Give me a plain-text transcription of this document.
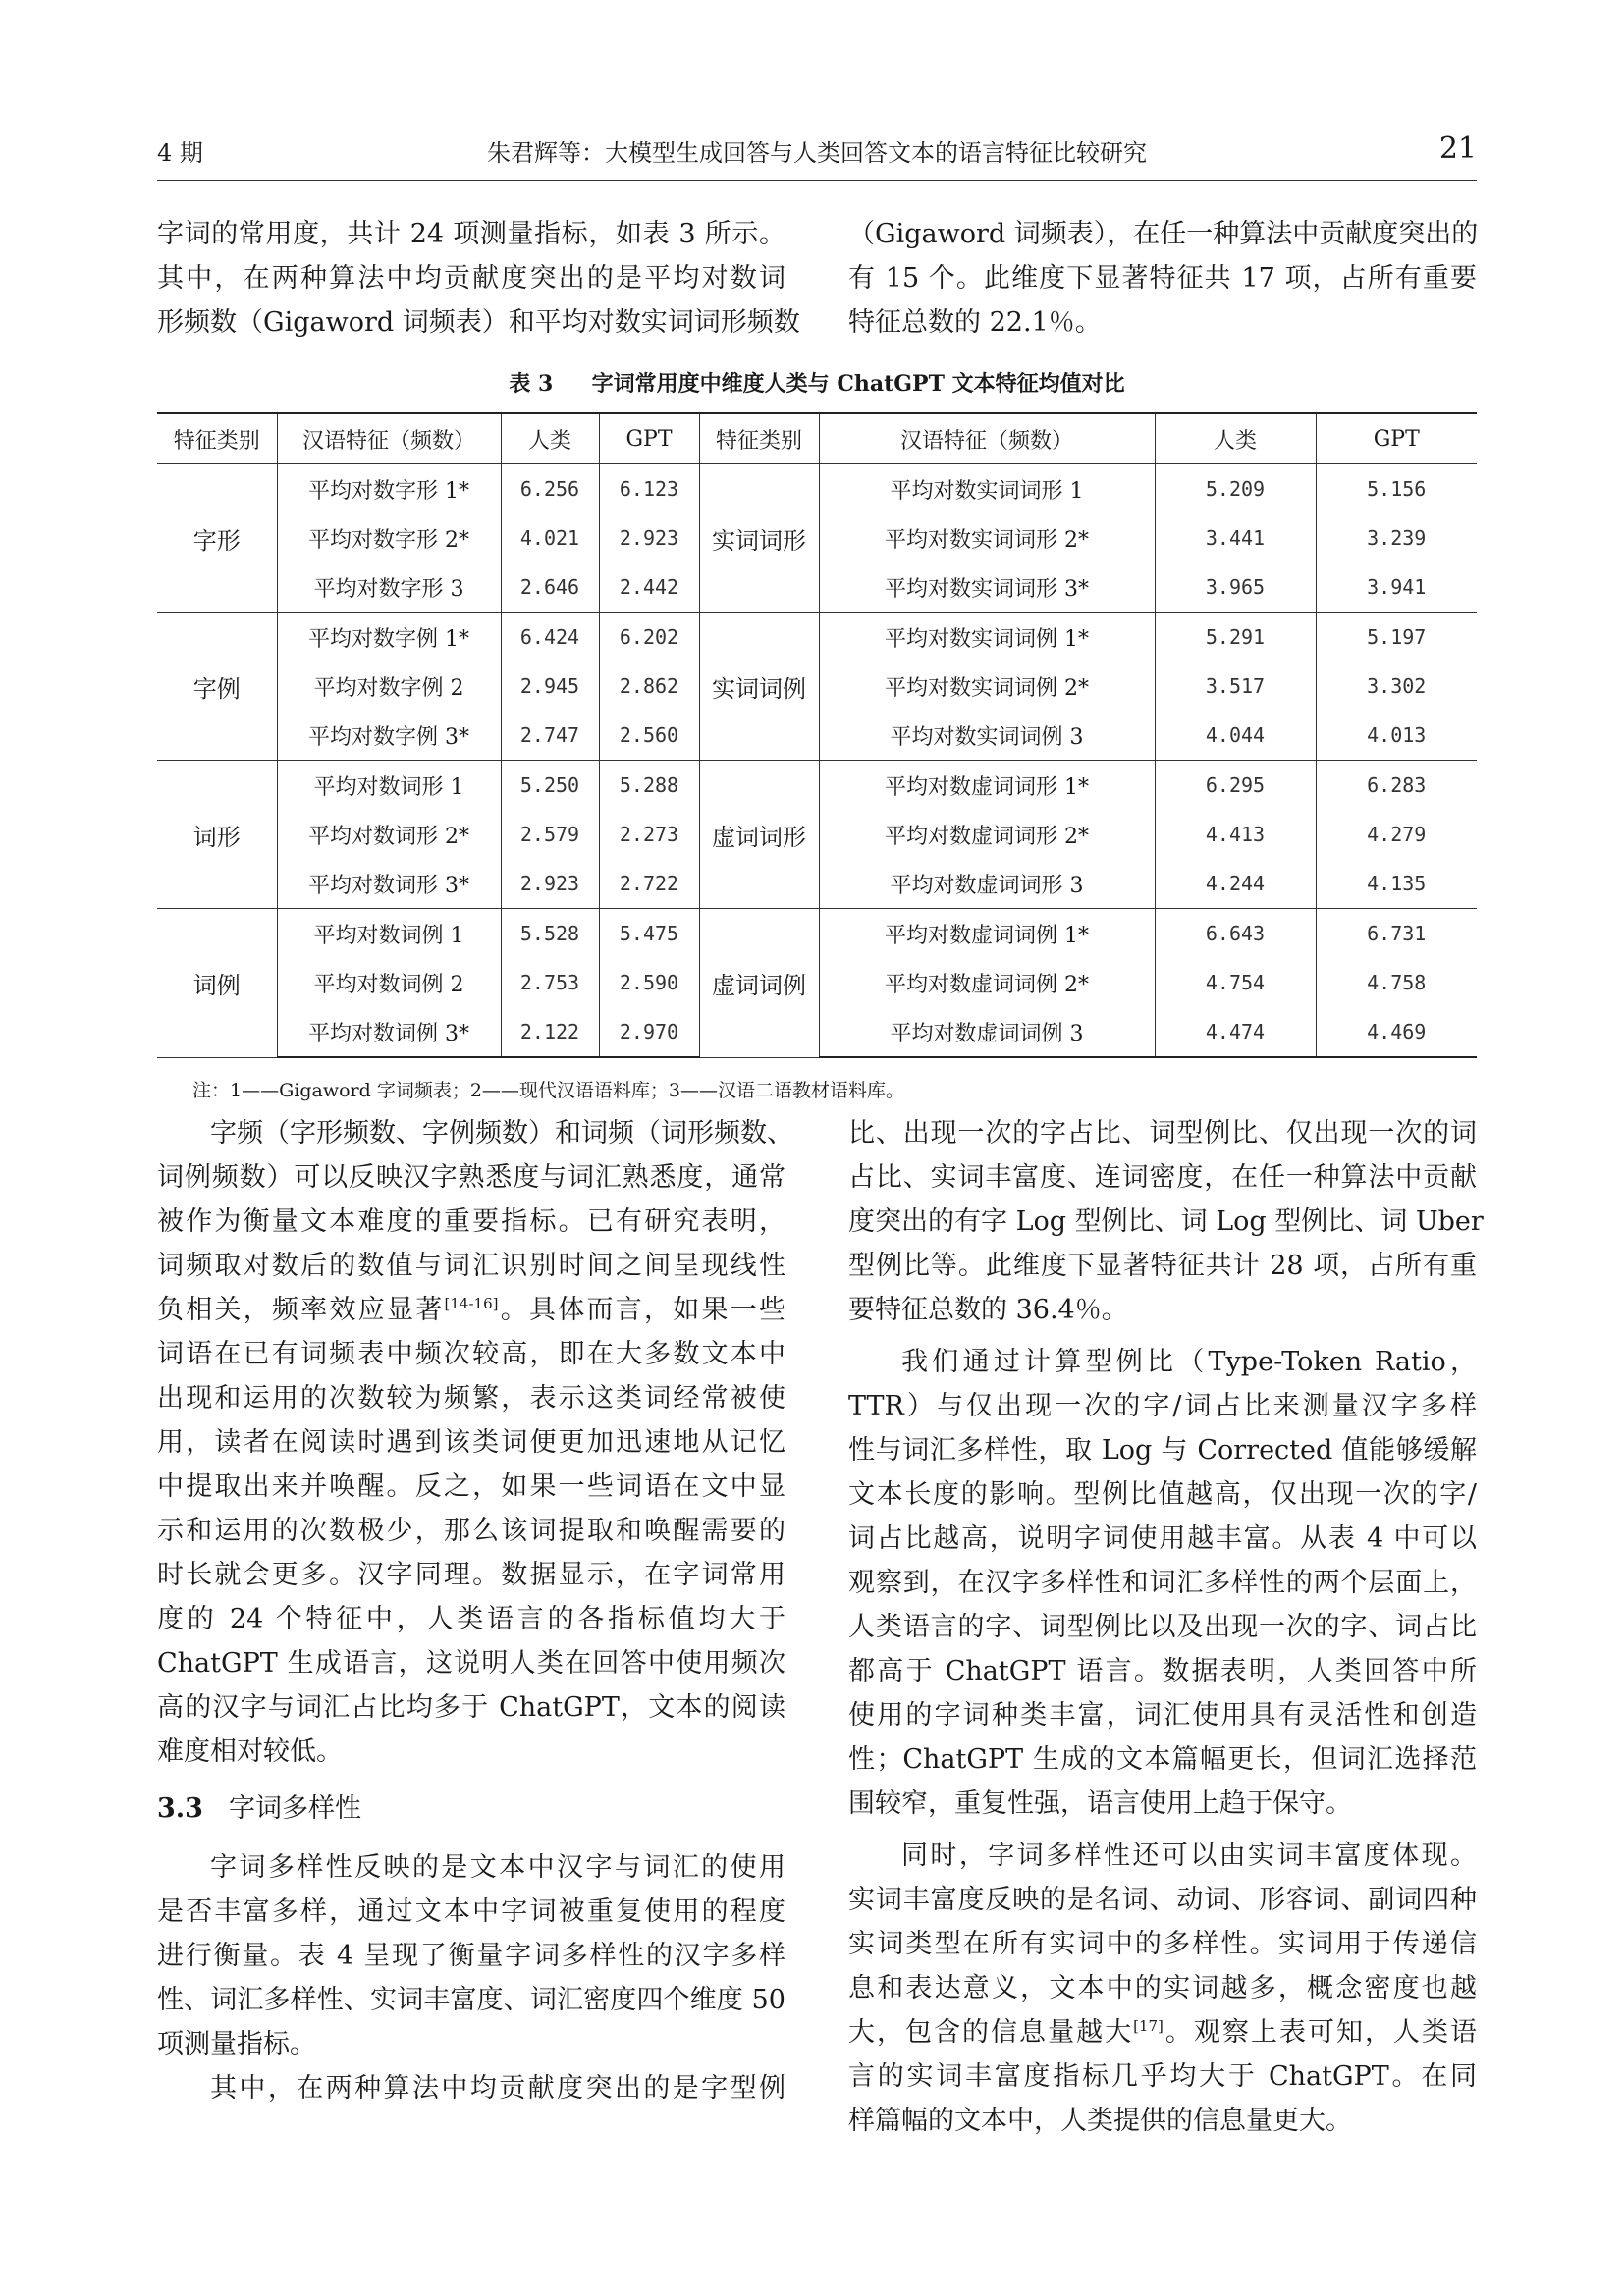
4 期	朱君辉等：大模型生成回答与人类回答文本的语言特征比较研究	21
字词的常用度，共计 24 项测量指标，如表 3 所示。
其中，在两种算法中均贡献度突出的是平均对数词
形频数（Gigaword 词频表）和平均对数实词词形频数
（Gigaword 词频表），在任一种算法中贡献度突出的
有 15 个。此维度下显著特征共 17 项，占所有重要
特征总数的 22.1％。
表 3 字词常用度中维度人类与 ChatGPT 文本特征均值对比
特征类别	汉语特征（频数）	人类	GPT	特征类别	汉语特征（频数）	人类	GPT
字形	平均对数字形 1*	6.256	6.123	实词词形	平均对数实词词形 1	5.209	5.156
	平均对数字形 2*	4.021	2.923		平均对数实词词形 2*	3.441	3.239
	平均对数字形 3	2.646	2.442		平均对数实词词形 3*	3.965	3.941
字例	平均对数字例 1*	6.424	6.202	实词词例	平均对数实词词例 1*	5.291	5.197
	平均对数字例 2	2.945	2.862		平均对数实词词例 2*	3.517	3.302
	平均对数字例 3*	2.747	2.560		平均对数实词词例 3	4.044	4.013
词形	平均对数词形 1	5.250	5.288	虚词词形	平均对数虚词词形 1*	6.295	6.283
	平均对数词形 2*	2.579	2.273		平均对数虚词词形 2*	4.413	4.279
	平均对数词形 3*	2.923	2.722		平均对数虚词词形 3	4.244	4.135
词例	平均对数词例 1	5.528	5.475	虚词词例	平均对数虚词词例 1*	6.643	6.731
	平均对数词例 2	2.753	2.590		平均对数虚词词例 2*	4.754	4.758
	平均对数词例 3*	2.122	2.970		平均对数虚词词例 3	4.474	4.469
注：1——Gigaword 字词频表；2——现代汉语语料库；3——汉语二语教材语料库。
字频（字形频数、字例频数）和词频（词形频数、
词例频数）可以反映汉字熟悉度与词汇熟悉度，通常
被作为衡量文本难度的重要指标。已有研究表明，
词频取对数后的数值与词汇识别时间之间呈现线性
负相关，频率效应显著[14-16]。具体而言，如果一些
词语在已有词频表中频次较高，即在大多数文本中
出现和运用的次数较为频繁，表示这类词经常被使
用，读者在阅读时遇到该类词便更加迅速地从记忆
中提取出来并唤醒。反之，如果一些词语在文中显
示和运用的次数极少，那么该词提取和唤醒需要的
时长就会更多。汉字同理。数据显示，在字词常用
度的 24 个特征中，人类语言的各指标值均大于
ChatGPT 生成语言，这说明人类在回答中使用频次
高的汉字与词汇占比均多于 ChatGPT，文本的阅读
难度相对较低。
3.3 字词多样性
字词多样性反映的是文本中汉字与词汇的使用
是否丰富多样，通过文本中字词被重复使用的程度
进行衡量。表 4 呈现了衡量字词多样性的汉字多样
性、词汇多样性、实词丰富度、词汇密度四个维度 50
项测量指标。
其中，在两种算法中均贡献度突出的是字型例
比、出现一次的字占比、词型例比、仅出现一次的词
占比、实词丰富度、连词密度，在任一种算法中贡献
度突出的有字 Log 型例比、词 Log 型例比、词 Uber
型例比等。此维度下显著特征共计 28 项，占所有重
要特征总数的 36.4％。
我们通过计算型例比（Type-Token Ratio，
TTR）与仅出现一次的字/词占比来测量汉字多样
性与词汇多样性，取 Log 与 Corrected 值能够缓解
文本长度的影响。型例比值越高，仅出现一次的字/
词占比越高，说明字词使用越丰富。从表 4 中可以
观察到，在汉字多样性和词汇多样性的两个层面上，
人类语言的字、词型例比以及出现一次的字、词占比
都高于 ChatGPT 语言。数据表明，人类回答中所
使用的字词种类丰富，词汇使用具有灵活性和创造
性；ChatGPT 生成的文本篇幅更长，但词汇选择范
围较窄，重复性强，语言使用上趋于保守。
同时，字词多样性还可以由实词丰富度体现。
实词丰富度反映的是名词、动词、形容词、副词四种
实词类型在所有实词中的多样性。实词用于传递信
息和表达意义，文本中的实词越多，概念密度也越
大，包含的信息量越大[17]。观察上表可知，人类语
言的实词丰富度指标几乎均大于 ChatGPT。在同
样篇幅的文本中，人类提供的信息量更大。
